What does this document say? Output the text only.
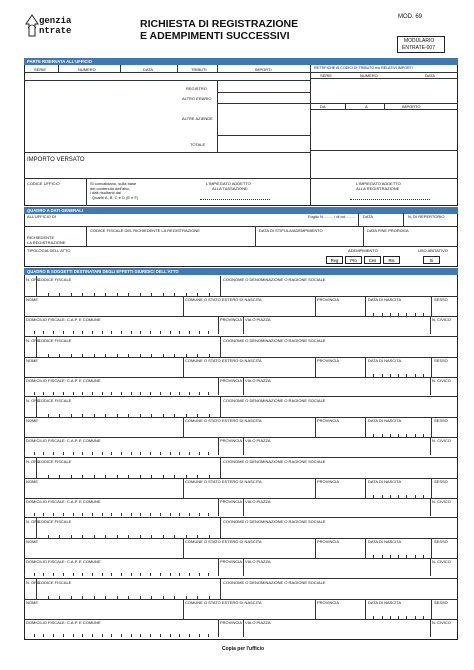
genzia
ntrate
RICHIESTA DI REGISTRAZIONE
E ADEMPIMENTI SUCCESSIVI
MOD. 69
MODULARIO
ENTRATE-007
PARTE RISERVATA ALL'UFFICIO
SERIE	NUMERO	DATA	TRIBUTI	IMPORTI	RETTIFICHE AI CODICI DI TRIBUTO e/o RELATIVI IMPORTI
SERIE	NUMERO	DATA
REGISTRO
ALTRO ERARIO
DA	A	IMPORTO
ALTRE AZIENDE
TOTALE
IMPORTO VERSATO
CODICE UFFICIO	Si convalidano, sulla base
del contenuto dell'atto,
i dati risultanti dai
Quadri A, B, C e D (E e F)
L'IMPIEGATO ADDETTO
ALLA TASSAZIONE
L'IMPIEGATO ADDETTO
ALLA REGISTRAZIONE
QUADRO A DATI GENERALI
ALL'UFFICIO DI	Foglio N. ....... / di tot. ....... DATA	N. DI REPERTORIO
RICHIEDENTE
LA REGISTRAZIONE
CODICE FISCALE DEL RICHIEDENTE LA REGISTRAZIONE	DATA DI STIPULA/ADEMPIMENTO	DATA FINE PROROGA
TIPOLOGIA DELL'ATTO	ADEMPIMENTO	USO ABITATIVO
Reg	Pro	Ces	Ris	Si
QUADRO B SOGGETTI DESTINATARI DEGLI EFFETTI GIURIDICI DELL'ATTO
N. ORD
CODICE FISCALE	COGNOME O DENOMINAZIONE O RAGIONE SOCIALE
NOME	COMUNE O STATO ESTERO DI NASCITA	PROVINCIA	DATA DI NASCITA	SESSO
DOMICILIO FISCALE: C.A.P. E COMUNE	PROVINCIA VIA O PIAZZA	N. CIVICO
N. ORD
CODICE FISCALE	COGNOME O DENOMINAZIONE O RAGIONE SOCIALE
NOME	COMUNE O STATO ESTERO DI NASCITA	PROVINCIA	DATA DI NASCITA	SESSO
DOMICILIO FISCALE: C.A.P. E COMUNE	PROVINCIA VIA O PIAZZA	N. CIVICO
N. ORD
CODICE FISCALE	COGNOME O DENOMINAZIONE O RAGIONE SOCIALE
NOME	COMUNE O STATO ESTERO DI NASCITA	PROVINCIA	DATA DI NASCITA	SESSO
DOMICILIO FISCALE: C.A.P. E COMUNE	PROVINCIA VIA O PIAZZA	N. CIVICO
N. ORD
CODICE FISCALE	COGNOME O DENOMINAZIONE O RAGIONE SOCIALE
NOME	COMUNE O STATO ESTERO DI NASCITA	PROVINCIA	DATA DI NASCITA	SESSO
DOMICILIO FISCALE: C.A.P. E COMUNE	PROVINCIA VIA O PIAZZA	N. CIVICO
N. ORD
CODICE FISCALE	COGNOME O DENOMINAZIONE O RAGIONE SOCIALE
NOME	COMUNE O STATO ESTERO DI NASCITA	PROVINCIA	DATA DI NASCITA	SESSO
DOMICILIO FISCALE: C.A.P. E COMUNE	PROVINCIA VIA O PIAZZA	N. CIVICO
N. ORD
CODICE FISCALE	COGNOME O DENOMINAZIONE O RAGIONE SOCIALE
NOME	COMUNE O STATO ESTERO DI NASCITA	PROVINCIA	DATA DI NASCITA	SESSO
DOMICILIO FISCALE: C.A.P. E COMUNE	PROVINCIA VIA O PIAZZA	N. CIVICO
Copia per l'ufficio
